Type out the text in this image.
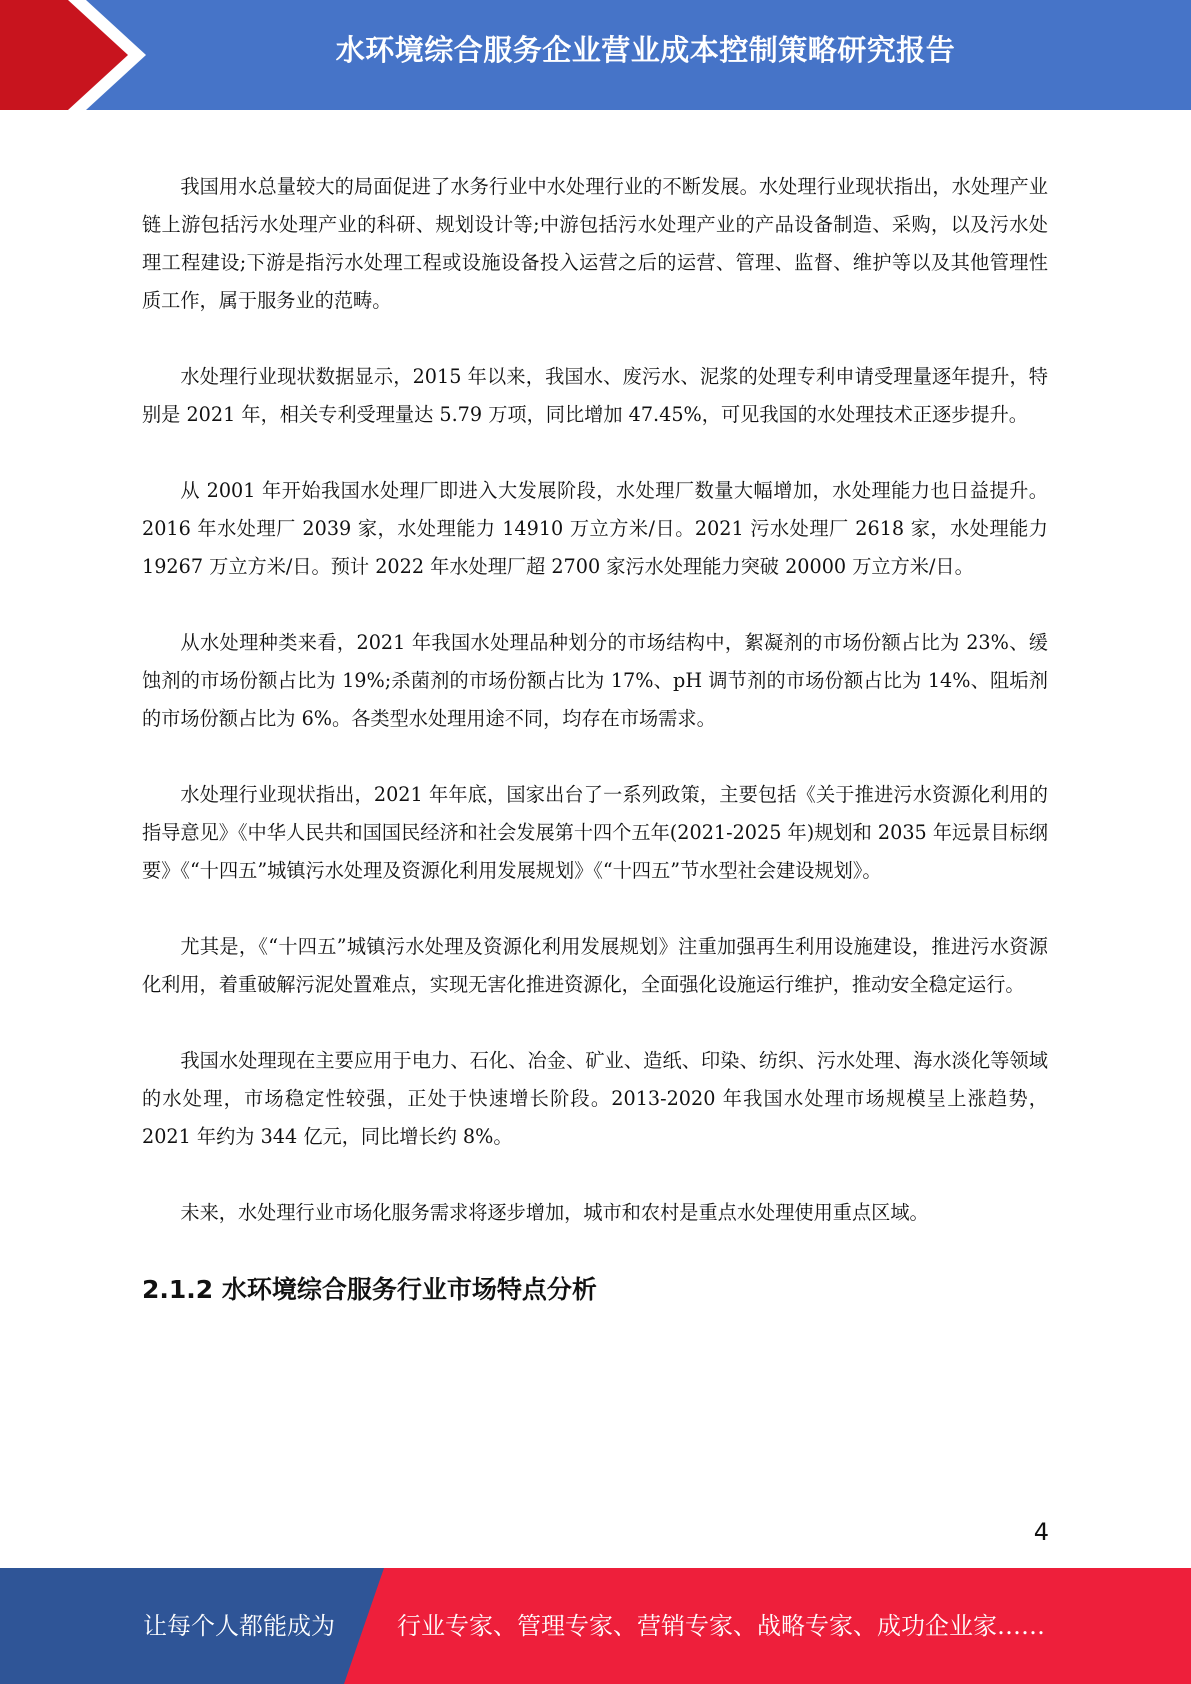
水环境综合服务企业营业成本控制策略研究报告

我国用水总量较大的局面促进了水务行业中水处理行业的不断发展。水处理行业现状指出，水处理产业链上游包括污水处理产业的科研、规划设计等;中游包括污水处理产业的产品设备制造、采购，以及污水处理工程建设;下游是指污水处理工程或设施设备投入运营之后的运营、管理、监督、维护等以及其他管理性质工作，属于服务业的范畴。

水处理行业现状数据显示，2015 年以来，我国水、废污水、泥浆的处理专利申请受理量逐年提升，特别是 2021 年，相关专利受理量达 5.79 万项，同比增加 47.45%，可见我国的水处理技术正逐步提升。

从 2001 年开始我国水处理厂即进入大发展阶段，水处理厂数量大幅增加，水处理能力也日益提升。2016 年水处理厂 2039 家，水处理能力 14910 万立方米/日。2021 污水处理厂 2618 家，水处理能力 19267 万立方米/日。预计 2022 年水处理厂超 2700 家污水处理能力突破 20000 万立方米/日。

从水处理种类来看，2021 年我国水处理品种划分的市场结构中，絮凝剂的市场份额占比为 23%、缓蚀剂的市场份额占比为 19%;杀菌剂的市场份额占比为 17%、pH 调节剂的市场份额占比为 14%、阻垢剂的市场份额占比为 6%。各类型水处理用途不同，均存在市场需求。

水处理行业现状指出，2021 年年底，国家出台了一系列政策，主要包括《关于推进污水资源化利用的指导意见》《中华人民共和国国民经济和社会发展第十四个五年(2021-2025 年)规划和 2035 年远景目标纲要》《“十四五”城镇污水处理及资源化利用发展规划》《“十四五”节水型社会建设规划》。

尤其是，《“十四五”城镇污水处理及资源化利用发展规划》注重加强再生利用设施建设，推进污水资源化利用，着重破解污泥处置难点，实现无害化推进资源化，全面强化设施运行维护，推动安全稳定运行。

我国水处理现在主要应用于电力、石化、冶金、矿业、造纸、印染、纺织、污水处理、海水淡化等领域的水处理，市场稳定性较强，正处于快速增长阶段。2013-2020 年我国水处理市场规模呈上涨趋势，2021 年约为 344 亿元，同比增长约 8%。

未来，水处理行业市场化服务需求将逐步增加，城市和农村是重点水处理使用重点区域。

2.1.2 水环境综合服务行业市场特点分析
4
让每个人都能成为	行业专家、管理专家、营销专家、战略专家、成功企业家……
